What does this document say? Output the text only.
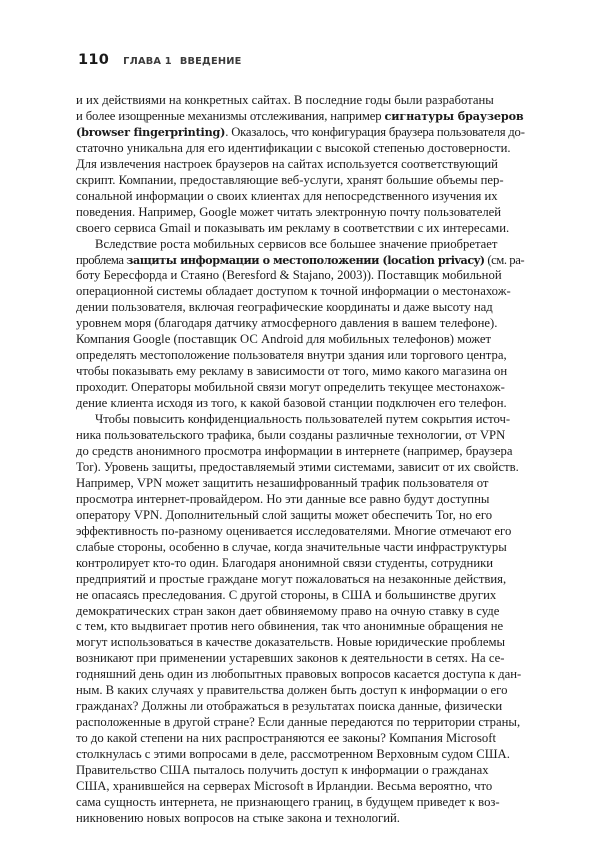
110 ГЛАВА 1 ВВЕДЕНИЕ
и их действиями на конкретных сайтах. В последние годы были разработаны
и более изощренные механизмы отслеживания, например сигнатуры браузеров
(browser fingerprinting). Оказалось, что конфигурация браузера пользователя до-
статочно уникальна для его идентификации с высокой степенью достоверности.
Для извлечения настроек браузеров на сайтах используется соответствующий
скрипт. Компании, предоставляющие веб-услуги, хранят большие объемы пер-
сональной информации о своих клиентах для непосредственного изучения их
поведения. Например, Google может читать электронную почту пользователей
своего сервиса Gmail и показывать им рекламу в соответствии с их интересами.
Вследствие роста мобильных сервисов все большее значение приобретает
проблема защиты информации о местоположении (location privacy) (см. ра-
боту Бересфорда и Стаяно (Beresford & Stajano, 2003)). Поставщик мобильной
операционной системы обладает доступом к точной информации о местонахож-
дении пользователя, включая географические координаты и даже высоту над
уровнем моря (благодаря датчику атмосферного давления в вашем телефоне).
Компания Google (поставщик ОС Android для мобильных телефонов) может
определять местоположение пользователя внутри здания или торгового центра,
чтобы показывать ему рекламу в зависимости от того, мимо какого магазина он
проходит. Операторы мобильной связи могут определить текущее местонахож-
дение клиента исходя из того, к какой базовой станции подключен его телефон.
Чтобы повысить конфиденциальность пользователей путем сокрытия источ-
ника пользовательского трафика, были созданы различные технологии, от VPN
до средств анонимного просмотра информации в интернете (например, браузера
Tor). Уровень защиты, предоставляемый этими системами, зависит от их свойств.
Например, VPN может защитить незашифрованный трафик пользователя от
просмотра интернет-провайдером. Но эти данные все равно будут доступны
оператору VPN. Дополнительный слой защиты может обеспечить Tor, но его
эффективность по-разному оценивается исследователями. Многие отмечают его
слабые стороны, особенно в случае, когда значительные части инфраструктуры
контролирует кто-то один. Благодаря анонимной связи студенты, сотрудники
предприятий и простые граждане могут пожаловаться на незаконные действия,
не опасаясь преследования. С другой стороны, в США и большинстве других
демократических стран закон дает обвиняемому право на очную ставку в суде
с тем, кто выдвигает против него обвинения, так что анонимные обращения не
могут использоваться в качестве доказательств. Новые юридические проблемы
возникают при применении устаревших законов к деятельности в сетях. На се-
годняшний день один из любопытных правовых вопросов касается доступа к дан-
ным. В каких случаях у правительства должен быть доступ к информации о его
гражданах? Должны ли отображаться в результатах поиска данные, физически
расположенные в другой стране? Если данные передаются по территории страны,
то до какой степени на них распространяются ее законы? Компания Microsoft
столкнулась с этими вопросами в деле, рассмотренном Верховным судом США.
Правительство США пыталось получить доступ к информации о гражданах
США, хранившейся на серверах Microsoft в Ирландии. Весьма вероятно, что
сама сущность интернета, не признающего границ, в будущем приведет к воз-
никновению новых вопросов на стыке закона и технологий.
